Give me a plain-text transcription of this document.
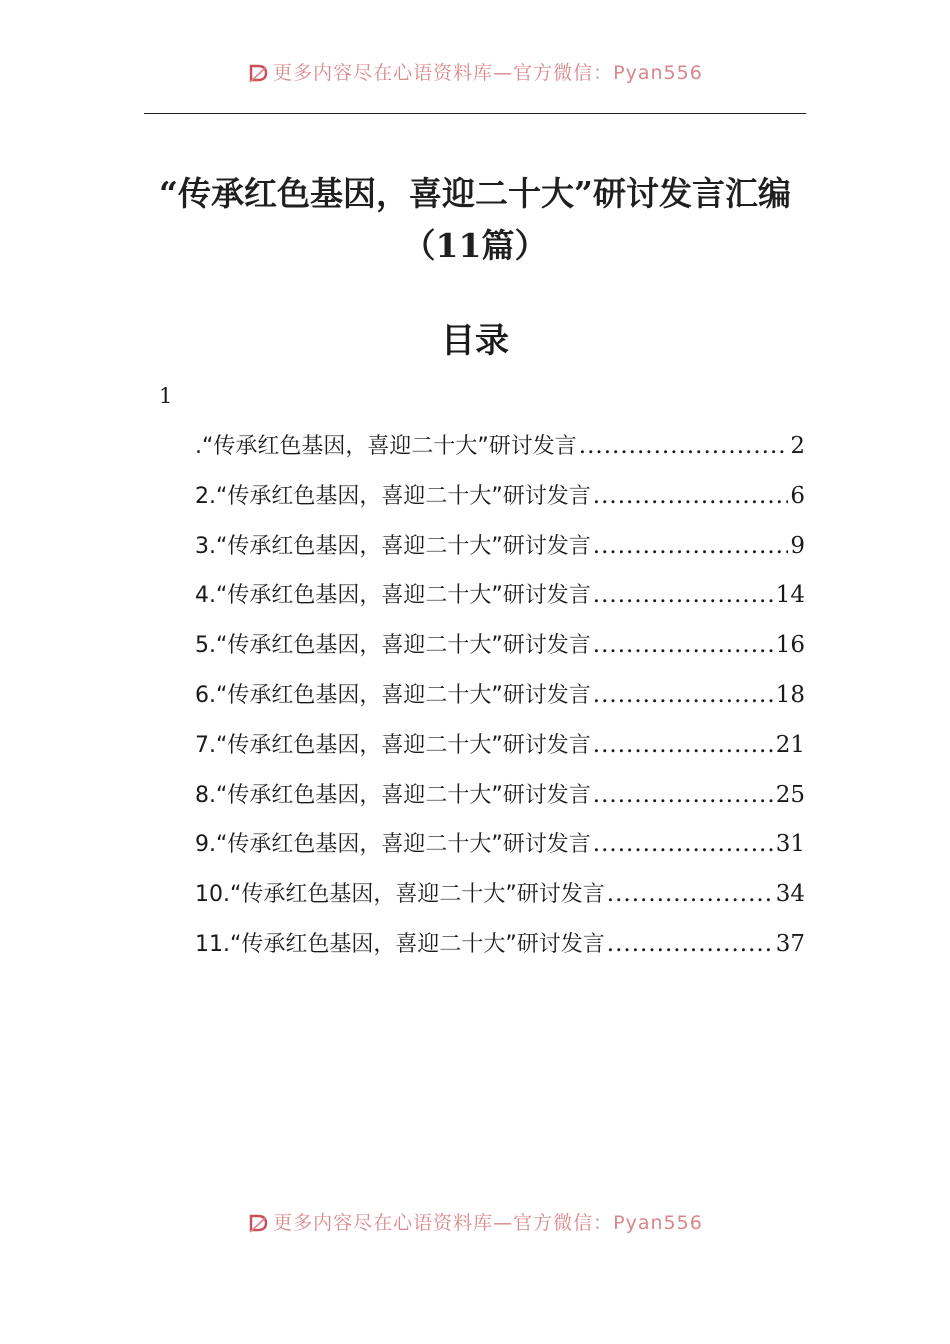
更多内容尽在心语资料库—官方微信：Pyan556
“传承红色基因，喜迎二十大”研讨发言汇编（11篇）
目录
1
.“传承红色基因，喜迎二十大”研讨发言 .....	2
2.“传承红色基因，喜迎二十大”研讨发言 .....	6
3.“传承红色基因，喜迎二十大”研讨发言 .....	9
4.“传承红色基因，喜迎二十大”研讨发言 .....	14
5.“传承红色基因，喜迎二十大”研讨发言 .....	16
6.“传承红色基因，喜迎二十大”研讨发言 .....	18
7.“传承红色基因，喜迎二十大”研讨发言 .....	21
8.“传承红色基因，喜迎二十大”研讨发言 .....	25
9.“传承红色基因，喜迎二十大”研讨发言 .....	31
10.“传承红色基因，喜迎二十大”研讨发言 .....	34
11.“传承红色基因，喜迎二十大”研讨发言 .....	37
更多内容尽在心语资料库—官方微信：Pyan556
